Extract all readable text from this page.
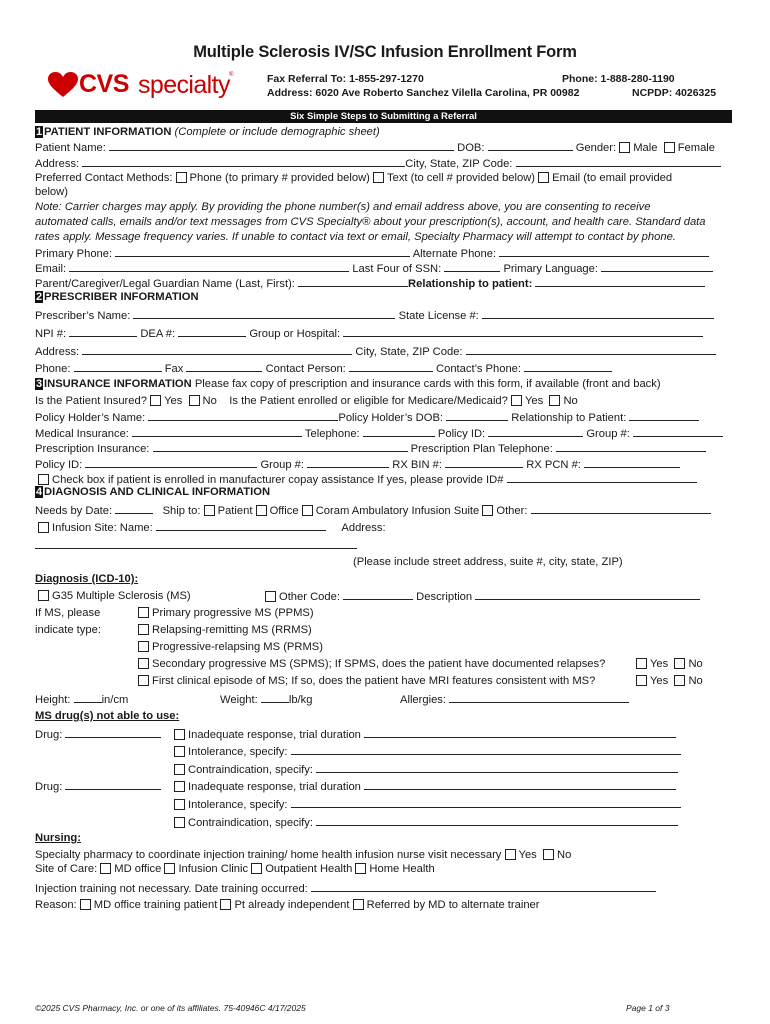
Multiple Sclerosis IV/SC Infusion Enrollment Form
CVS specialty ®	Fax Referral To: 1-855-297-1270	Phone: 1-888-280-1190
Address: 6020 Ave Roberto Sanchez Vilella Carolina, PR 00982	NCPDP: 4026325
Six Simple Steps to Submitting a Referral
1 PATIENT INFORMATION (Complete or include demographic sheet)
Patient Name:	DOB:	Gender: Male Female
Address:	City, State, ZIP Code:
Preferred Contact Methods: Phone (to primary # provided below) Text (to cell # provided below) Email (to email provided
below)
Note: Carrier charges may apply. By providing the phone number(s) and email address above, you are consenting to receive
automated calls, emails and/or text messages from CVS Specialty® about your prescription(s), account, and health care. Standard data
rates apply. Message frequency varies. If unable to contact via text or email, Specialty Pharmacy will attempt to contact by phone.
Primary Phone:	Alternate Phone:
Email:	Last Four of SSN:	Primary Language:
Parent/Caregiver/Legal Guardian Name (Last, First):	Relationship to patient:
2 PRESCRIBER INFORMATION
Prescriber’s Name:	State License #:
NPI #:	DEA #:	Group or Hospital:
Address:	City, State, ZIP Code:
Phone:	Fax	Contact Person:	Contact’s Phone:
3 INSURANCE INFORMATION Please fax copy of prescription and insurance cards with this form, if available (front and back)
Is the Patient Insured? Yes No Is the Patient enrolled or eligible for Medicare/Medicaid? Yes No
Policy Holder’s Name:	Policy Holder’s DOB:	Relationship to Patient:
Medical Insurance:	Telephone:	Policy ID:	Group #:
Prescription Insurance:	Prescription Plan Telephone:
Policy ID:	Group #:	RX BIN #:	RX PCN #:
Check box if patient is enrolled in manufacturer copay assistance If yes, please provide ID#
4 DIAGNOSIS AND CLINICAL INFORMATION
Needs by Date:	Ship to: Patient Office Coram Ambulatory Infusion Suite Other:
Infusion Site: Name:	Address:
(Please include street address, suite #, city, state, ZIP)
Diagnosis (ICD-10):
G35 Multiple Sclerosis (MS)	Other Code:	Description
If MS, please
indicate type:
Primary progressive MS (PPMS)
Relapsing-remitting MS (RRMS)
Progressive-relapsing MS (PRMS)
Secondary progressive MS (SPMS); If SPMS, does the patient have documented relapses?	Yes No
First clinical episode of MS; If so, does the patient have MRI features consistent with MS?	Yes No
Height:	in/cm	Weight:	lb/kg	Allergies:
MS drug(s) not able to use:
Drug:	Inadequate response, trial duration
Intolerance, specify:
Contraindication, specify:
Drug:	Inadequate response, trial duration
Intolerance, specify:
Contraindication, specify:
Nursing:
Specialty pharmacy to coordinate injection training/ home health infusion nurse visit necessary Yes No
Site of Care: MD office Infusion Clinic Outpatient Health Home Health
Injection training not necessary. Date training occurred:
Reason: MD office training patient Pt already independent Referred by MD to alternate trainer
©2025 CVS Pharmacy, Inc. or one of its affiliates. 75-40946C 4/17/2025	Page 1 of 3
